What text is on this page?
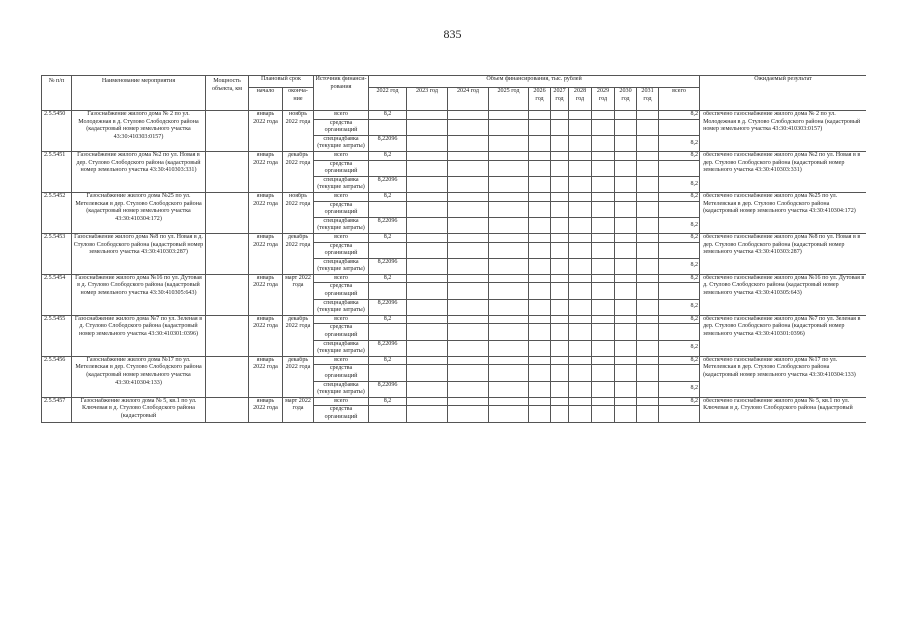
835
№ п/п	Наименование мероприятия	Мощность объекта, км	Плановый срок		Источник финанси-рования	Объем финансирования, тыс. рублей											Ожидаемый результат
			начало	оконча-ние		2022 год	2023 год	2024 год	2025 год	2026 год	2027 год	2028 год	2029 год	2030 год	2031 год	всего	
2.5.5450	Газоснабжение жилого дома № 2 по ул. Молодежная в д. Стулово Слободского района (кадастровый номер земельного участка 43:30:410303:0157)		январь 2022 года	ноябрь 2022 года	всего	8,2										8,2	обеспечено газоснабжение жилого дома № 2 по ул. Молодежная в д. Стулово Слободского района (кадастровый номер земельного участка 43:30:410303:0157)
					средства организаций												
					спецнадбавка (текущие затраты)	8,22096										8,2	
2.5.5451	Газоснабжение жилого дома №2 по ул. Новая в дер. Стулово Слободского района (кадастровый номер земельного участка 43:30:410303:331)		январь 2022 года	декабрь 2022 года	всего	8,2										8,2	обеспечено газоснабжение жилого дома №2 по ул. Новая в в дер. Стулово Слободского района (кадастровый номер земельного участка 43:30:410303:331)
					средства организаций												
					спецнадбавка (текущие затраты)	8,22096										8,2	
2.5.5452	Газоснабжение жилого дома №25 по ул. Метелевская в дер. Стулово Слободского района (кадастровый номер земельного участка 43:30:410304:172)		январь 2022 года	ноябрь 2022 года	всего	8,2										8,2	обеспечено газоснабжение жилого дома №25 по ул. Метелевская в дер. Стулово Слободского района (кадастровый номер земельного участка 43:30:410304:172)
					средства организаций												
					спецнадбавка (текущие затраты)	8,22096										8,2	
2.5.5453	Газоснабжение жилого дома №8 по ул. Новая в д. Стулово Слободского района (кадастровый номер земельного участка 43:30:410303:287)		январь 2022 года	декабрь 2022 года	всего	8,2										8,2	обеспечено газоснабжение жилого дома №8 по ул. Новая в в дер. Стулово Слободского района (кадастровый номер земельного участка 43:30:410303:287)
					средства организаций												
					спецнадбавка (текущие затраты)	8,22096										8,2	
2.5.5454	Газоснабжение жилого дома №16 по ул. Дутовая в д. Стулово Слободского района (кадастровый номер земельного участка 43:30:410305:643)		январь 2022 года	март 2022 года	всего	8,2										8,2	обеспечено газоснабжение жилого дома №16 по ул. Дутовая в д. Стулово Слободского района (кадастровый номер земельного участка 43:30:410305:643)
					средства организаций												
					спецнадбавка (текущие затраты)	8,22096										8,2	
2.5.5455	Газоснабжение жилого дома №7 по ул. Зеленая в д. Стулово Слободского района (кадастровый номер земельного участка 43:30:410301:0396)		январь 2022 года	декабрь 2022 года	всего	8,2										8,2	обеспечено газоснабжение жилого дома №7 по ул. Зеленая в дер. Стулово Слободского района (кадастровый номер земельного участка 43:30:410301:0396)
					средства организаций												
					спецнадбавка (текущие затраты)	8,22096										8,2	
2.5.5456	Газоснабжение жилого дома №17 по ул. Метелевская в дер. Стулово Слободского района (кадастровый номер земельного участка 43:30:410304:133)		январь 2022 года	декабрь 2022 года	всего	8,2										8,2	обеспечено газоснабжение жилого дома №17 по ул. Метелевская в дер. Стулово Слободского района (кадастровый номер земельного участка 43:30:410304:133)
					средства организаций												
					спецнадбавка (текущие затраты)	8,22096										8,2	
2.5.5457	Газоснабжение жилого дома № 5, кв.1 по ул. Ключевая в д. Стулово Слободского района (кадастровый		январь 2022 года	март 2022 года	всего	8,2										8,2	обеспечено газоснабжение жилого дома № 5, кв.1 по ул. Ключевая в д. Стулово Слободского района (кадастровый
					средства организаций												
